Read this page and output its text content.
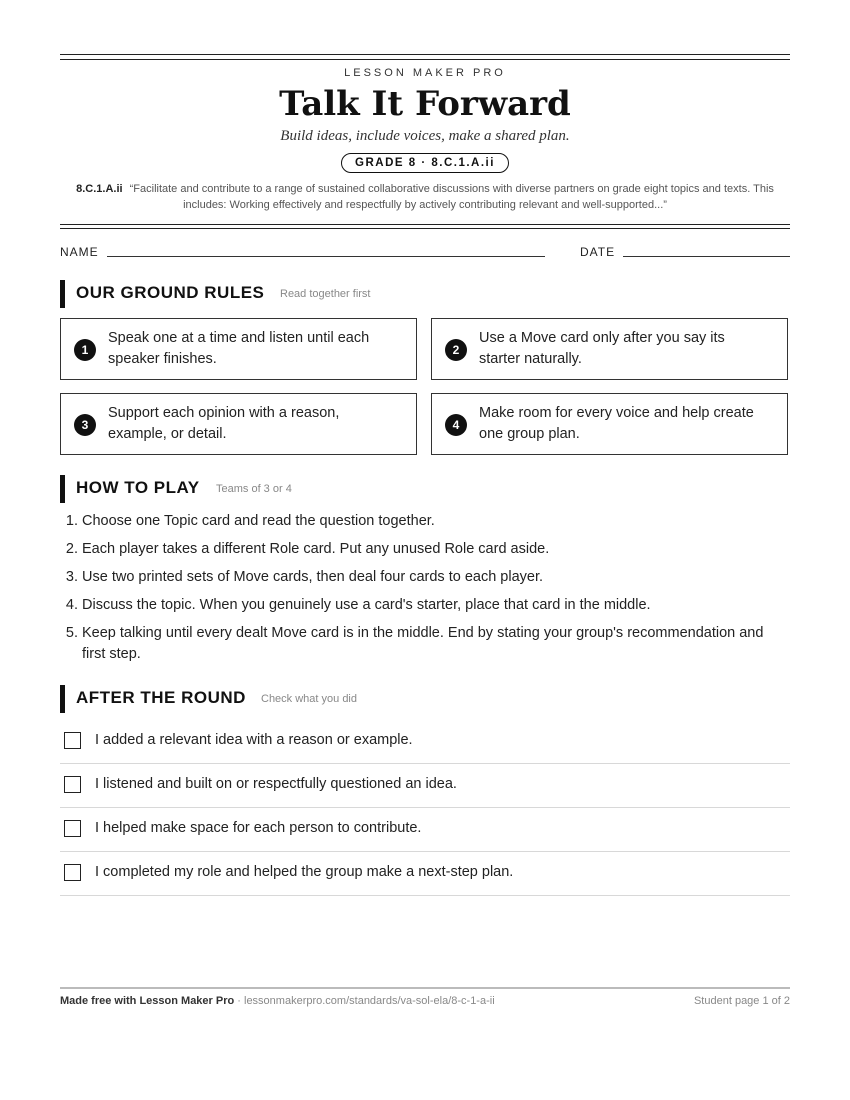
LESSON MAKER PRO
Talk It Forward
Build ideas, include voices, make a shared plan.
GRADE 8 · 8.C.1.A.ii
8.C.1.A.ii “Facilitate and contribute to a range of sustained collaborative discussions with diverse partners on grade eight topics and texts. This includes: Working effectively and respectfully by actively contributing relevant and well-supported...”
NAME	DATE
OUR GROUND RULES Read together first
1
Speak one at a time and listen until each speaker finishes.
2
Use a Move card only after you say its starter naturally.
3
Support each opinion with a reason, example, or detail.
4
Make room for every voice and help create one group plan.
HOW TO PLAY Teams of 3 or 4
1. Choose one Topic card and read the question together.
2. Each player takes a different Role card. Put any unused Role card aside.
3. Use two printed sets of Move cards, then deal four cards to each player.
4. Discuss the topic. When you genuinely use a card's starter, place that card in the middle.
5. Keep talking until every dealt Move card is in the middle. End by stating your group's recommendation and first step.
AFTER THE ROUND Check what you did
I added a relevant idea with a reason or example.
I listened and built on or respectfully questioned an idea.
I helped make space for each person to contribute.
I completed my role and helped the group make a next-step plan.
Made free with Lesson Maker Pro · lessonmakerpro.com/standards/va-sol-ela/8-c-1-a-ii	Student page 1 of 2
